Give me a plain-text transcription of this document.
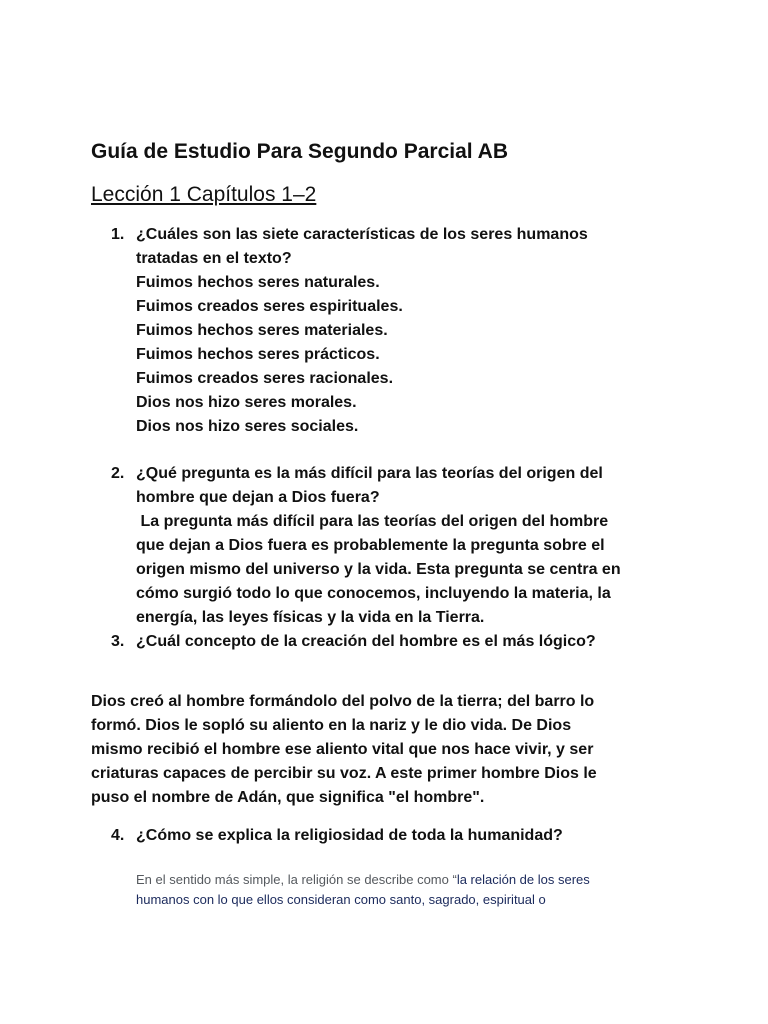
Guía de Estudio Para Segundo Parcial AB
Lección 1 Capítulos 1–2
1. ¿Cuáles son las siete características de los seres humanos
tratadas en el texto?
Fuimos hechos seres naturales.
Fuimos creados seres espirituales.
Fuimos hechos seres materiales.
Fuimos hechos seres prácticos.
Fuimos creados seres racionales.
Dios nos hizo seres morales.
Dios nos hizo seres sociales.
2. ¿Qué pregunta es la más difícil para las teorías del origen del
hombre que dejan a Dios fuera?
La pregunta más difícil para las teorías del origen del hombre
que dejan a Dios fuera es probablemente la pregunta sobre el
origen mismo del universo y la vida. Esta pregunta se centra en
cómo surgió todo lo que conocemos, incluyendo la materia, la
energía, las leyes físicas y la vida en la Tierra.
3. ¿Cuál concepto de la creación del hombre es el más lógico?
Dios creó al hombre formándolo del polvo de la tierra; del barro lo
formó. Dios le sopló su aliento en la nariz y le dio vida. De Dios
mismo recibió el hombre ese aliento vital que nos hace vivir, y ser
criaturas capaces de percibir su voz. A este primer hombre Dios le
puso el nombre de Adán, que significa "el hombre".
4. ¿Cómo se explica la religiosidad de toda la humanidad?
En el sentido más simple, la religión se describe como “la relación de los seres
humanos con lo que ellos consideran como santo, sagrado, espiritual o
